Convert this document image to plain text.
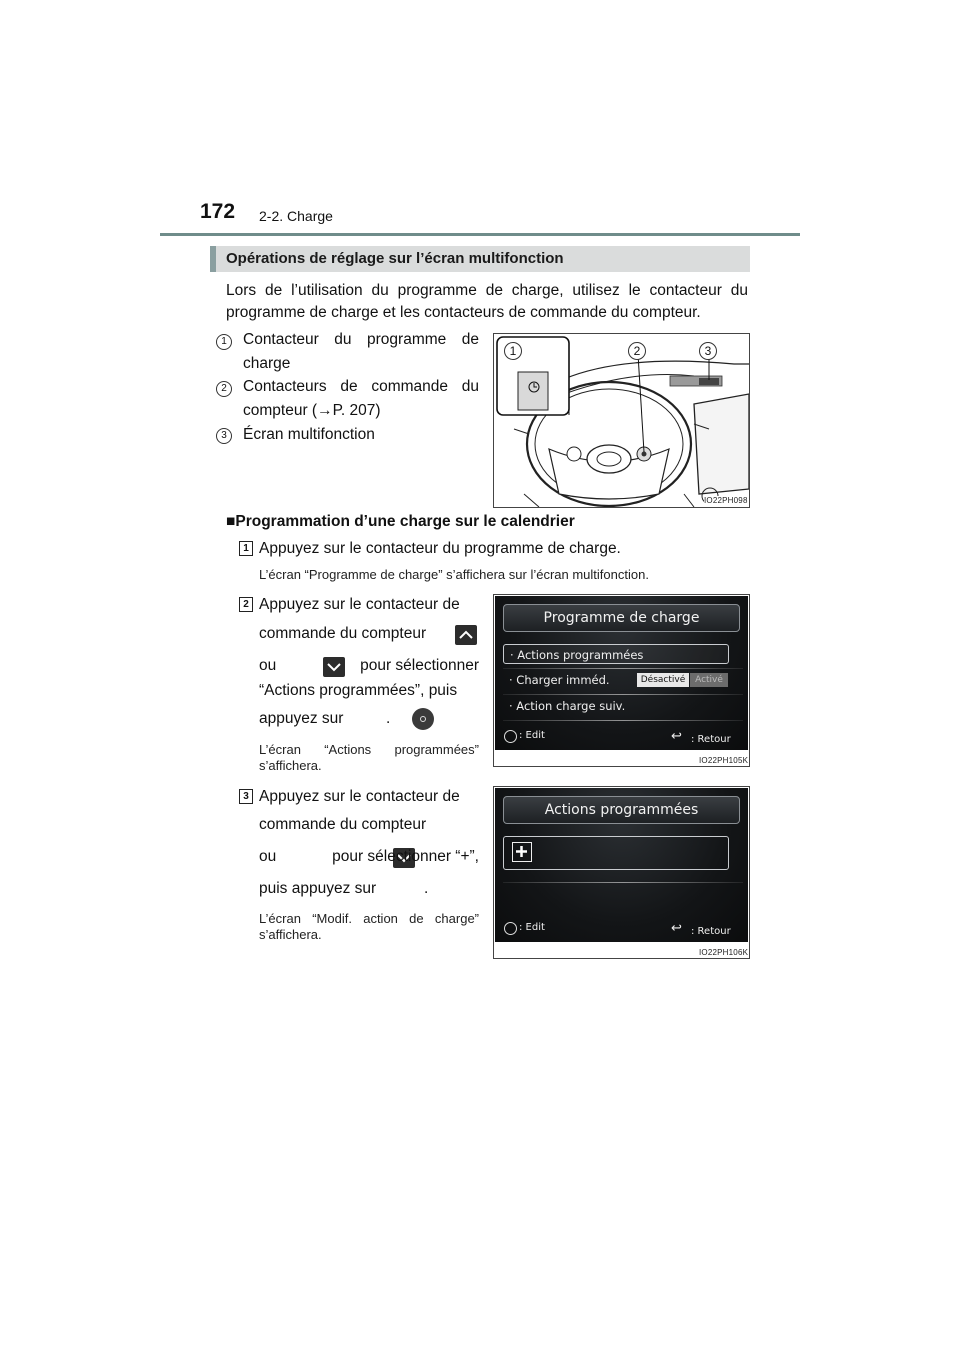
172 2-2. Charge
Opérations de réglage sur l’écran multifonction
Lors de l’utilisation du programme de charge, utilisez le contacteur du programme de charge et les contacteurs de commande du compteur.
1	Contacteur du programme de charge
2	Contacteurs de commande du compteur (→P. 207)
3	Écran multifonction
1	2	3
IO22PH098
■Programmation d’une charge sur le calendrier
1 Appuyez sur le contacteur du programme de charge.
L’écran “Programme de charge” s’affichera sur l’écran multifonction.
2 Appuyez sur le contacteur de
commande du compteur

ou
	pour sélectionner
“Actions programmées”, puis
appuyez sur
	.
L’écran “Actions programmées” s’affichera.
Programme de charge
· Actions programmées
· Charger imméd.	Désactivé	Activé
· Action charge suiv.
: Edit	↩ : Retour
IO22PH105K
3 Appuyez sur le contacteur de
commande du compteur

ou
	pour sélectionner “+”,
puis appuyez sur	.
L’écran “Modif. action de charge” s’affichera.
Actions programmées
: Edit	↩ : Retour
IO22PH106K
